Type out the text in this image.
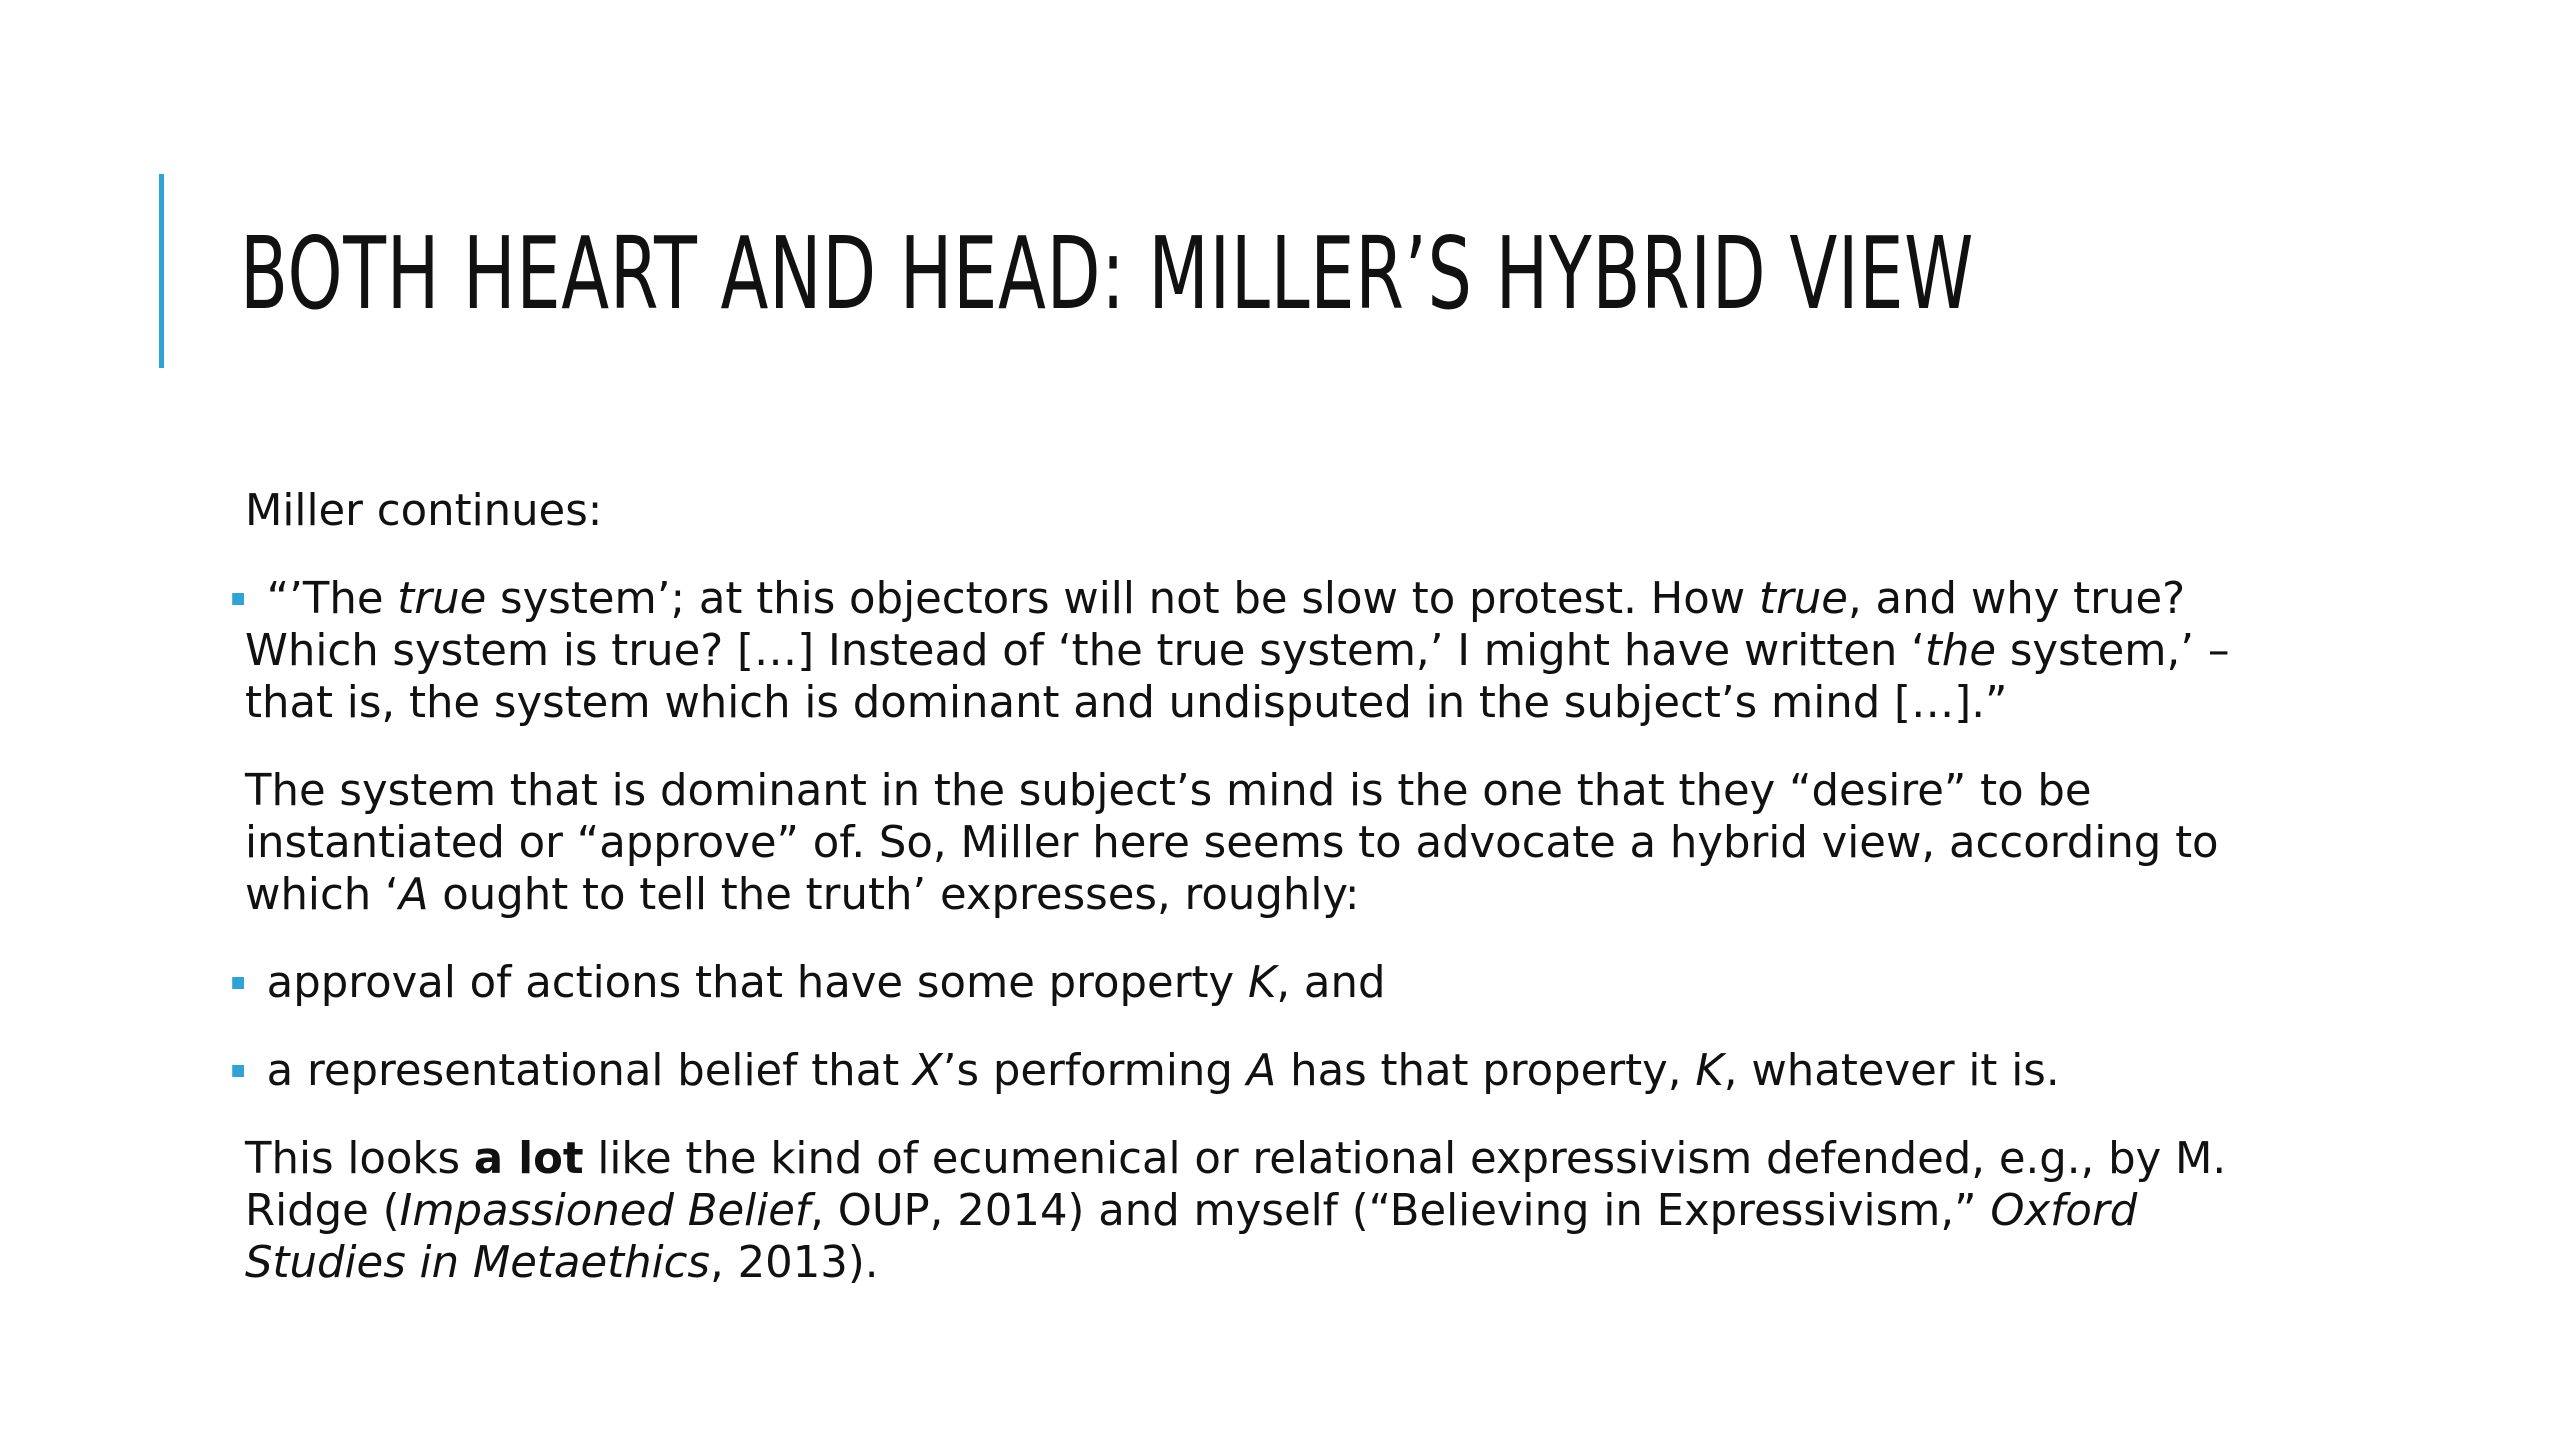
BOTH HEART AND HEAD: MILLER’S HYBRID VIEW

Miller continues:

“’The true system’; at this objectors will not be slow to protest. How true, and why true? Which system is true? […] Instead of ‘the true system,’ I might have written ‘the system,’ – that is, the system which is dominant and undisputed in the subject’s mind […].”

The system that is dominant in the subject’s mind is the one that they “desire” to be instantiated or “approve” of. So, Miller here seems to advocate a hybrid view, according to which ‘A ought to tell the truth’ expresses, roughly:

approval of actions that have some property K, and
a representational belief that X’s performing A has that property, K, whatever it is.

This looks a lot like the kind of ecumenical or relational expressivism defended, e.g., by M. Ridge (Impassioned Belief, OUP, 2014) and myself (“Believing in Expressivism,” Oxford Studies in Metaethics, 2013).
